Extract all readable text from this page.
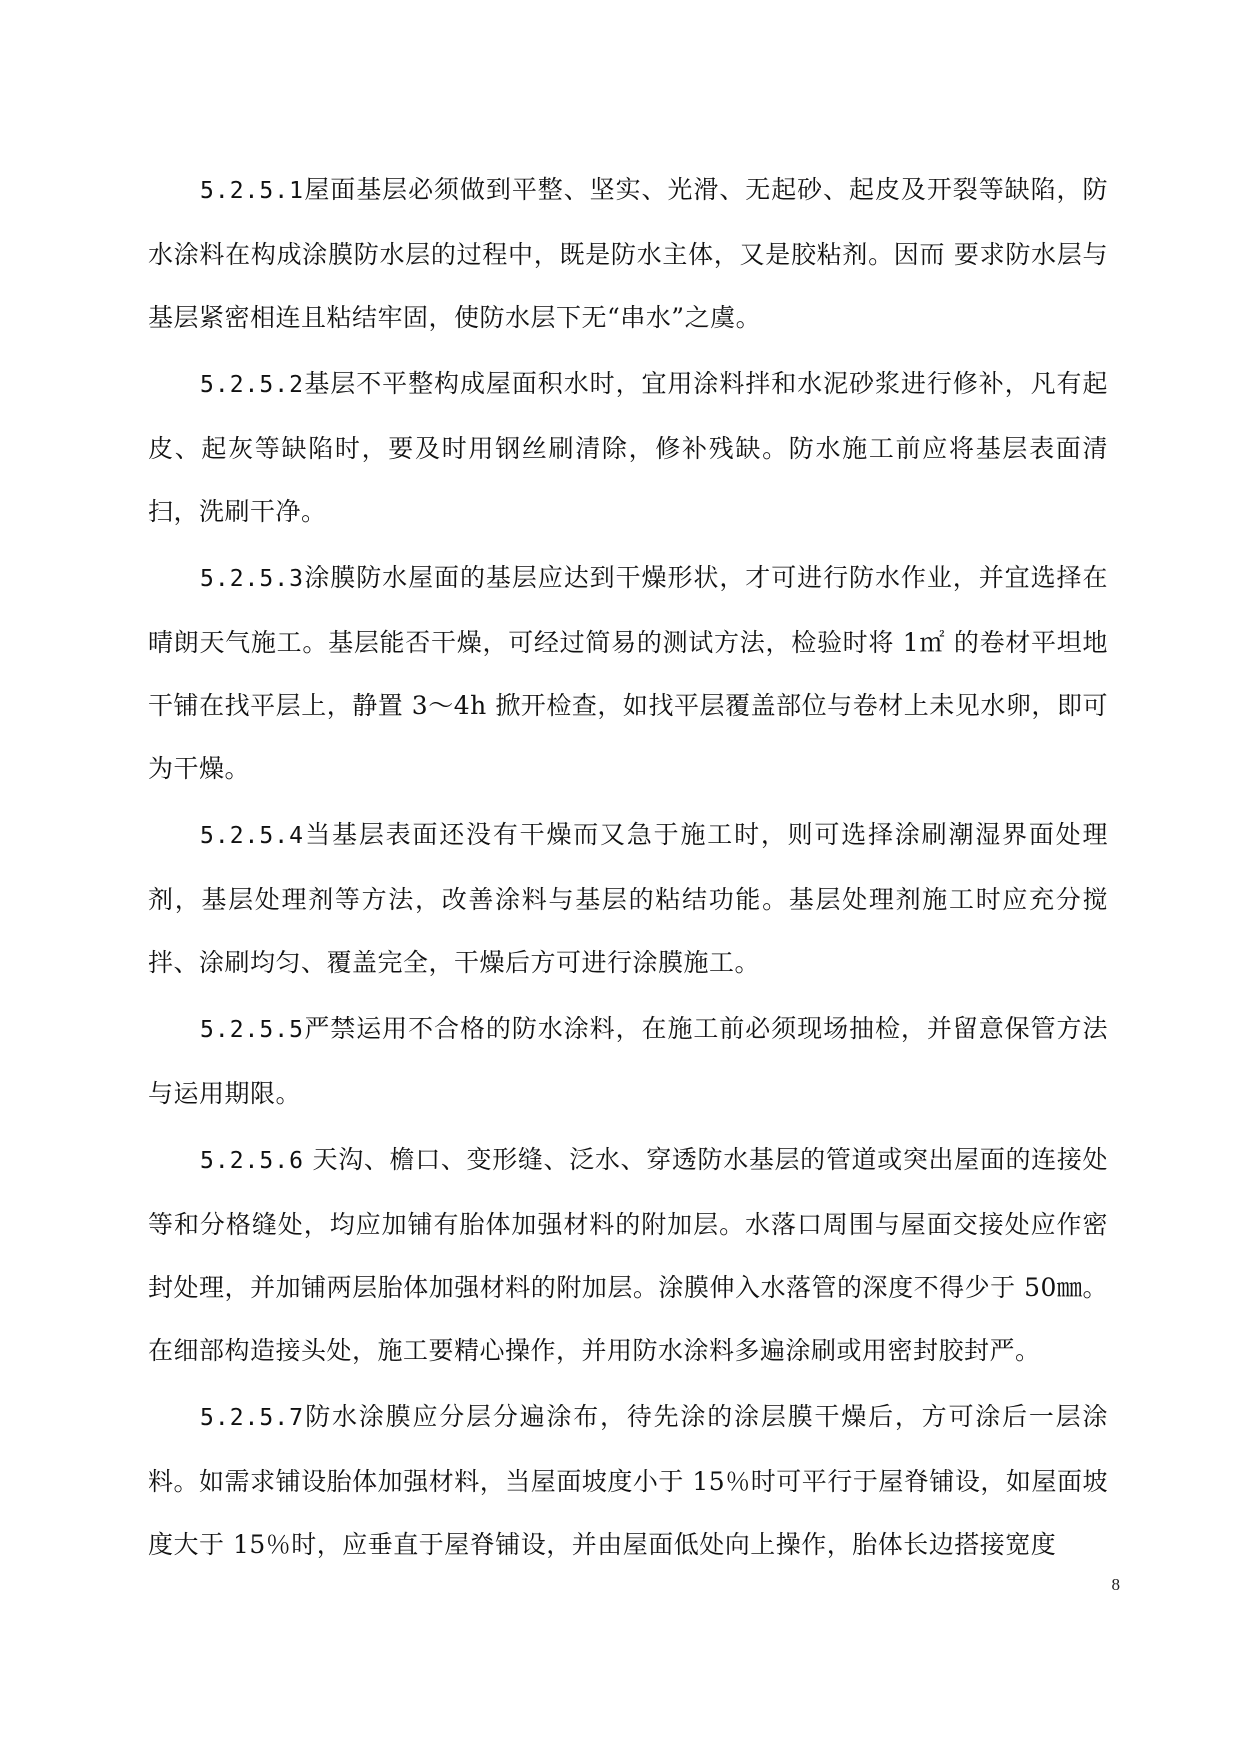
5.2.5.1屋面基层必须做到平整、坚实、光滑、无起砂、起皮及开裂等缺陷，防水涂料在构成涂膜防水层的过程中，既是防水主体，又是胶粘剂。因而 要求防水层与基层紧密相连且粘结牢固，使防水层下无“串水”之虞。

5.2.5.2基层不平整构成屋面积水时，宜用涂料拌和水泥砂浆进行修补，凡有起皮、起灰等缺陷时，要及时用钢丝刷清除，修补残缺。防水施工前应将基层表面清扫，洗刷干净。

5.2.5.3涂膜防水屋面的基层应达到干燥形状，才可进行防水作业，并宜选择在晴朗天气施工。基层能否干燥，可经过简易的测试方法，检验时将 1㎡ 的卷材平坦地干铺在找平层上，静置 3～4h 掀开检查，如找平层覆盖部位与卷材上未见水卵，即可为干燥。

5.2.5.4当基层表面还没有干燥而又急于施工时，则可选择涂刷潮湿界面处理剂，基层处理剂等方法，改善涂料与基层的粘结功能。基层处理剂施工时应充分搅拌、涂刷均匀、覆盖完全，干燥后方可进行涂膜施工。

5.2.5.5严禁运用不合格的防水涂料，在施工前必须现场抽检，并留意保管方法与运用期限。

5.2.5.6 天沟、檐口、变形缝、泛水、穿透防水基层的管道或突出屋面的连接处等和分格缝处，均应加铺有胎体加强材料的附加层。水落口周围与屋面交接处应作密封处理，并加铺两层胎体加强材料的附加层。涂膜伸入水落管的深度不得少于 50㎜。在细部构造接头处，施工要精心操作，并用防水涂料多遍涂刷或用密封胶封严。

5.2.5.7防水涂膜应分层分遍涂布，待先涂的涂层膜干燥后，方可涂后一层涂料。如需求铺设胎体加强材料，当屋面坡度小于 15％时可平行于屋脊铺设，如屋面坡度大于 15％时，应垂直于屋脊铺设，并由屋面低处向上操作，胎体长边搭接宽度

8
